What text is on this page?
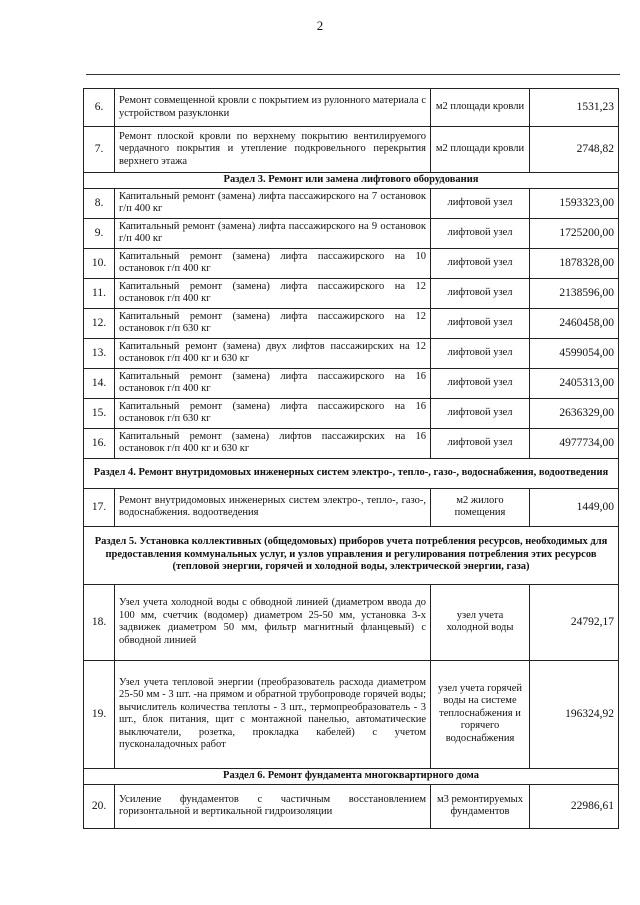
2
6.	Ремонт совмещенной кровли с покрытием из рулонного материала с устройством разуклонки	м2 площади кровли	1531,23
7.	Ремонт плоской кровли по верхнему покрытию вентилируемого чердачного покрытия и утепление подкровельного перекрытия верхнего этажа	м2 площади кровли	2748,82
Раздел 3. Ремонт или замена лифтового оборудования			
8.	Капитальный ремонт (замена) лифта пассажирского на 7 остановок г/п 400 кг	лифтовой узел	1593323,00
9.	Капитальный ремонт (замена) лифта пассажирского на 9 остановок г/п 400 кг	лифтовой узел	1725200,00
10.	Капитальный ремонт (замена) лифта пассажирского на 10 остановок г/п 400 кг	лифтовой узел	1878328,00
11.	Капитальный ремонт (замена) лифта пассажирского на 12 остановок г/п 400 кг	лифтовой узел	2138596,00
12.	Капитальный ремонт (замена) лифта пассажирского на 12 остановок г/п 630 кг	лифтовой узел	2460458,00
13.	Капитальный ремонт (замена) двух лифтов пассажирских на 12 остановок г/п 400 кг и 630 кг	лифтовой узел	4599054,00
14.	Капитальный ремонт (замена) лифта пассажирского на 16 остановок г/п 400 кг	лифтовой узел	2405313,00
15.	Капитальный ремонт (замена) лифта пассажирского на 16 остановок г/п 630 кг	лифтовой узел	2636329,00
16.	Капитальный ремонт (замена) лифтов пассажирских на 16 остановок г/п 400 кг и 630 кг	лифтовой узел	4977734,00
Раздел 4. Ремонт внутридомовых инженерных систем электро-, тепло-, газо-, водоснабжения, водоотведения			
17.	Ремонт внутридомовых инженерных систем электро-, тепло-, газо-, водоснабжения. водоотведения	м2 жилого помещения	1449,00
Раздел 5. Установка коллективных (общедомовых) приборов учета потребления ресурсов, необходимых для предоставления коммунальных услуг, и узлов управления и регулирования потребления этих ресурсов (тепловой энергии, горячей и холодной воды, электрической энергии, газа)			
18.	Узел учета холодной воды с обводной линией (диаметром ввода до 100 мм, счетчик (водомер) диаметром 25-50 мм, установка 3-х задвижек диаметром 50 мм, фильтр магнитный фланцевый) с обводной линией	узел учета холодной воды	24792,17
19.	Узел учета тепловой энергии (преобразователь расхода диаметром 25-50 мм - 3 шт. -на прямом и обратной трубопроводе горячей воды; вычислитель количества теплоты - 3 шт., термопреобразователь - 3 шт., блок питания, щит с монтажной панелью, автоматические выключатели, розетка, прокладка кабелей) с учетом пусконаладочных работ	узел учета горячей воды на системе теплоснабжения и горячего водоснабжения	196324,92
Раздел 6. Ремонт фундамента многоквартирного дома			
20.	Усиление фундаментов с частичным восстановлением горизонтальной и вертикальной гидроизоляции	м3 ремонтируемых фундаментов	22986,61
